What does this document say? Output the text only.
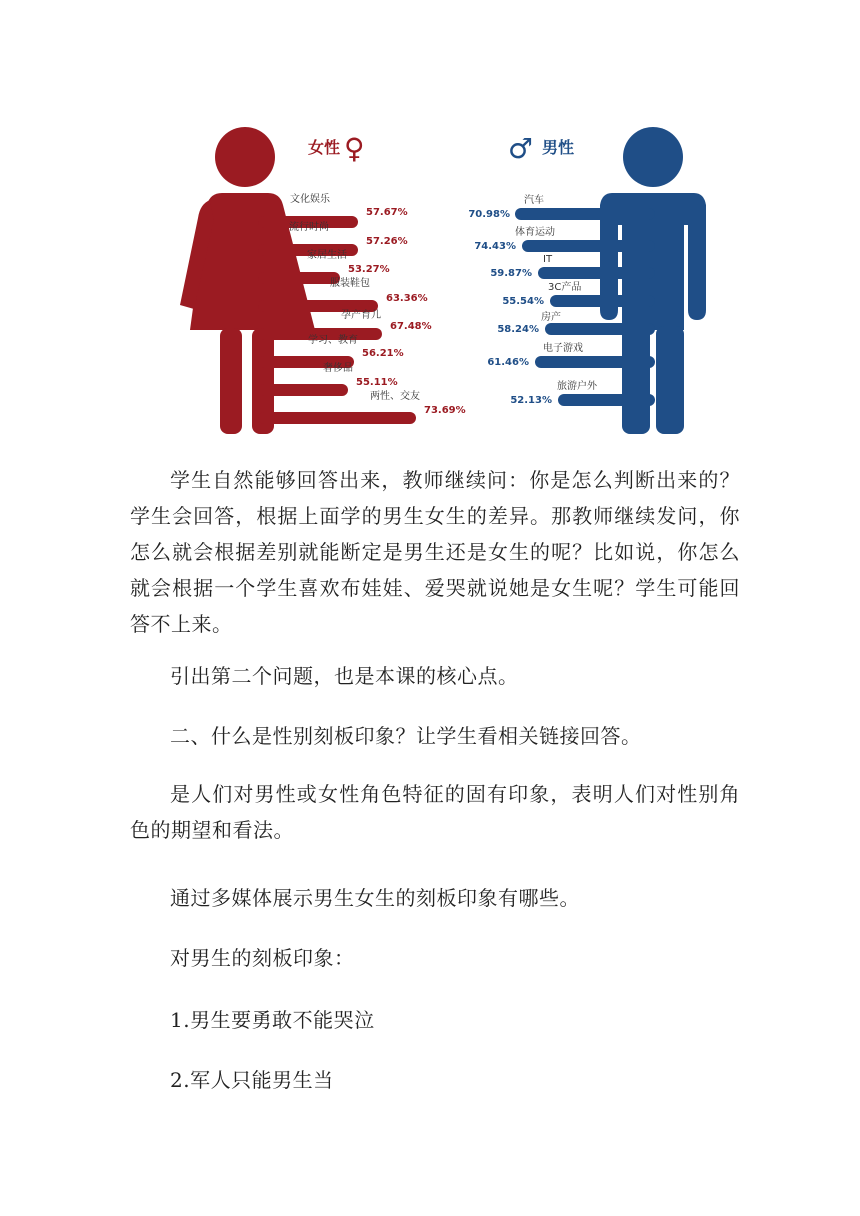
女性 ♀
文化娱乐
流行时尚
家居生活
服装鞋包
孕产育儿
学习、教育
奢侈品
两性、交友
57.67%
57.26%
53.27%
63.36%
67.48%
56.21%
55.11%
73.69%
♂ 男性
汽车
体育运动
IT
3C产品
房产
电子游戏
旅游户外
70.98%
74.43%
59.87%
55.54%
58.24%
61.46%
52.13%

学生自然能够回答出来，教师继续问：你是怎么判断出来的？学生会回答，根据上面学的男生女生的差异。那教师继续发问，你怎么就会根据差别就能断定是男生还是女生的呢？比如说，你怎么就会根据一个学生喜欢布娃娃、爱哭就说她是女生呢？学生可能回答不上来。

引出第二个问题，也是本课的核心点。

二、什么是性别刻板印象？让学生看相关链接回答。

是人们对男性或女性角色特征的固有印象，表明人们对性别角色的期望和看法。

通过多媒体展示男生女生的刻板印象有哪些。

对男生的刻板印象：

1.男生要勇敢不能哭泣

2.军人只能男生当
